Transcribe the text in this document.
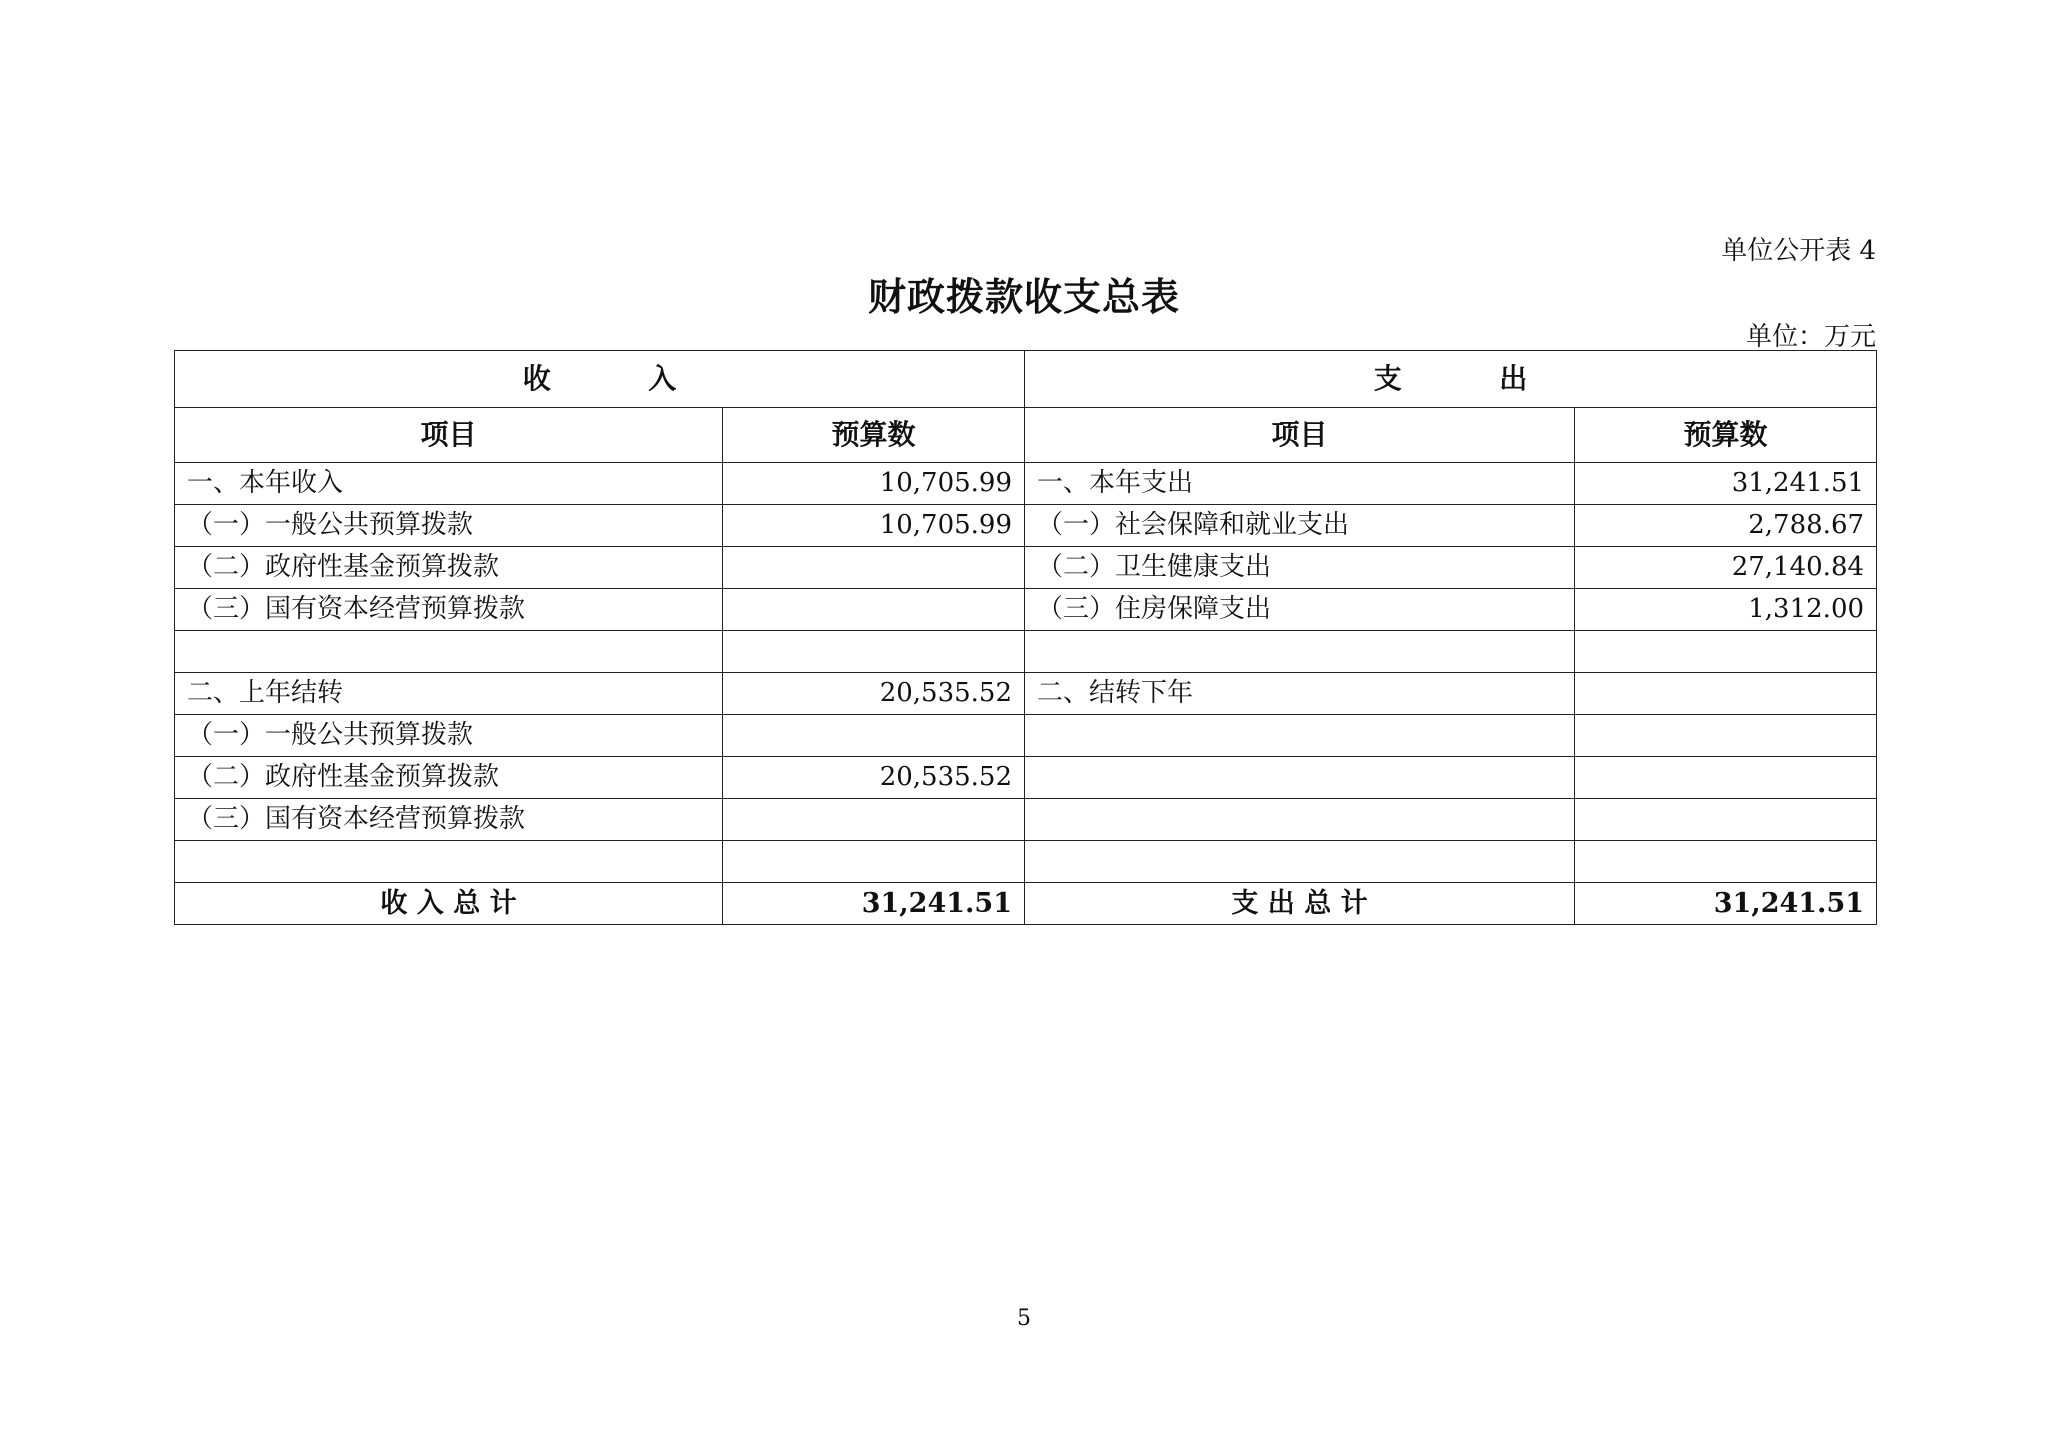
单位公开表 4
财政拨款收支总表
单位：万元
收          入		支          出	
项目	预算数	项目	预算数
一、本年收入	10,705.99	一、本年支出	31,241.51
（一）一般公共预算拨款	10,705.99	（一）社会保障和就业支出	2,788.67
（二）政府性基金预算拨款		（二）卫生健康支出	27,140.84
（三）国有资本经营预算拨款		（三）住房保障支出	1,312.00

二、上年结转	20,535.52	二、结转下年	
（一）一般公共预算拨款			
（二）政府性基金预算拨款	20,535.52		
（三）国有资本经营预算拨款			

收 入 总 计	31,241.51	支 出 总 计	31,241.51
5
